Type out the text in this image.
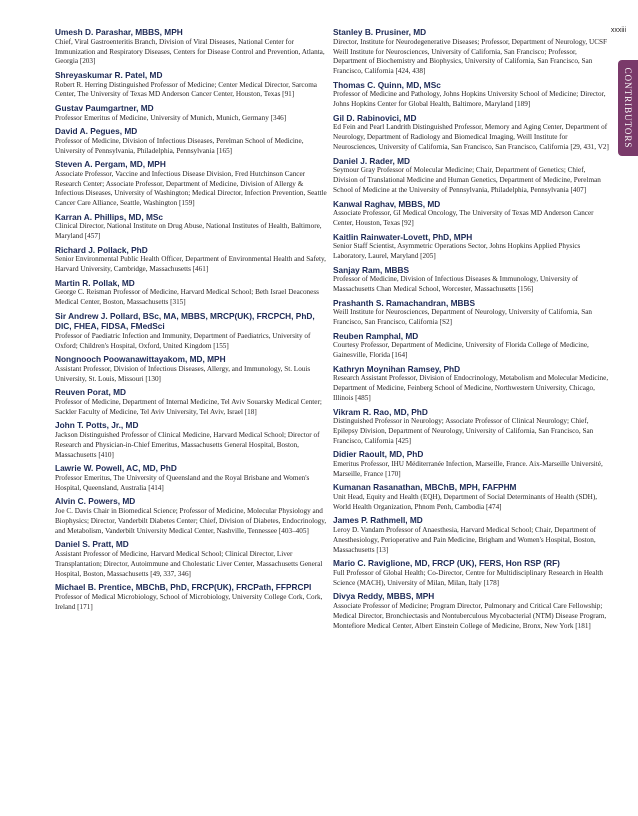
xxxiii
CONTRIBUTORS
Umesh D. Parashar, MBBS, MPH
Chief, Viral Gastroenteritis Branch, Division of Viral Diseases, National Center for Immunization and Respiratory Diseases, Centers for Disease Control and Prevention, Atlanta, Georgia [203]
Shreyaskumar R. Patel, MD
Robert R. Herring Distinguished Professor of Medicine; Center Medical Director, Sarcoma Center, The University of Texas MD Anderson Cancer Center, Houston, Texas [91]
Gustav Paumgartner, MD
Professor Emeritus of Medicine, University of Munich, Munich, Germany [346]
David A. Pegues, MD
Professor of Medicine, Division of Infectious Diseases, Perelman School of Medicine, University of Pennsylvania, Philadelphia, Pennsylvania [165]
Steven A. Pergam, MD, MPH
Associate Professor, Vaccine and Infectious Disease Division, Fred Hutchinson Cancer Research Center; Associate Professor, Department of Medicine, Division of Allergy & Infectious Diseases, University of Washington; Medical Director, Infection Prevention, Seattle Cancer Care Alliance, Seattle, Washington [159]
Karran A. Phillips, MD, MSc
Clinical Director, National Institute on Drug Abuse, National Institutes of Health, Baltimore, Maryland [457]
Richard J. Pollack, PhD
Senior Environmental Public Health Officer, Department of Environmental Health and Safety, Harvard University, Cambridge, Massachusetts [461]
Martin R. Pollak, MD
George C. Reisman Professor of Medicine, Harvard Medical School; Beth Israel Deaconess Medical Center, Boston, Massachusetts [315]
Sir Andrew J. Pollard, BSc, MA, MBBS, MRCP(UK), FRCPCH, PhD, DIC, FHEA, FIDSA, FMedSci
Professor of Paediatric Infection and Immunity, Department of Paediatrics, University of Oxford; Children's Hospital, Oxford, United Kingdom [155]
Nongnooch Poowanawittayakom, MD, MPH
Assistant Professor, Division of Infectious Diseases, Allergy, and Immunology, St. Louis University, St. Louis, Missouri [130]
Reuven Porat, MD
Professor of Medicine, Department of Internal Medicine, Tel Aviv Souarsky Medical Center; Sackler Faculty of Medicine, Tel Aviv University, Tel Aviv, Israel [18]
John T. Potts, Jr., MD
Jackson Distinguished Professor of Clinical Medicine, Harvard Medical School; Director of Research and Physician-in-Chief Emeritus, Massachusetts General Hospital, Boston, Massachusetts [410]
Lawrie W. Powell, AC, MD, PhD
Professor Emeritus, The University of Queensland and the Royal Brisbane and Women's Hospital, Queensland, Australia [414]
Alvin C. Powers, MD
Joe C. Davis Chair in Biomedical Science; Professor of Medicine, Molecular Physiology and Biophysics; Director, Vanderbilt Diabetes Center; Chief, Division of Diabetes, Endocrinology, and Metabolism, Vanderbilt University Medical Center, Nashville, Tennessee [403–405]
Daniel S. Pratt, MD
Assistant Professor of Medicine, Harvard Medical School; Clinical Director, Liver Transplantation; Director, Autoimmune and Cholestatic Liver Center, Massachusetts General Hospital, Boston, Massachusetts [49, 337, 346]
Michael B. Prentice, MBChB, PhD, FRCP(UK), FRCPath, FFPRCPI
Professor of Medical Microbiology, School of Microbiology, University College Cork, Cork, Ireland [171]
Stanley B. Prusiner, MD
Director, Institute for Neurodegenerative Diseases; Professor, Department of Neurology, UCSF Weill Institute for Neurosciences, University of California, San Francisco; Professor, Department of Biochemistry and Biophysics, University of California, San Francisco, San Francisco, California [424, 438]
Thomas C. Quinn, MD, MSc
Professor of Medicine and Pathology, Johns Hopkins University School of Medicine; Director, Johns Hopkins Center for Global Health, Baltimore, Maryland [189]
Gil D. Rabinovici, MD
Ed Fein and Pearl Landrith Distinguished Professor, Memory and Aging Center, Department of Neurology, Department of Radiology and Biomedical Imaging, Weill Institute for Neurosciences, University of California, San Francisco, San Francisco, California [29, 431, V2]
Daniel J. Rader, MD
Seymour Gray Professor of Molecular Medicine; Chair, Department of Genetics; Chief, Division of Translational Medicine and Human Genetics, Department of Medicine, Perelman School of Medicine at the University of Pennsylvania, Philadelphia, Pennsylvania [407]
Kanwal Raghav, MBBS, MD
Associate Professor, GI Medical Oncology, The University of Texas MD Anderson Cancer Center, Houston, Texas [92]
Kaitlin Rainwater-Lovett, PhD, MPH
Senior Staff Scientist, Asymmetric Operations Sector, Johns Hopkins Applied Physics Laboratory, Laurel, Maryland [205]
Sanjay Ram, MBBS
Professor of Medicine, Division of Infectious Diseases & Immunology, University of Massachusetts Chan Medical School, Worcester, Massachusetts [156]
Prashanth S. Ramachandran, MBBS
Weill Institute for Neurosciences, Department of Neurology, University of California, San Francisco, San Francisco, California [S2]
Reuben Ramphal, MD
Courtesy Professor, Department of Medicine, University of Florida College of Medicine, Gainesville, Florida [164]
Kathryn Moynihan Ramsey, PhD
Research Assistant Professor, Division of Endocrinology, Metabolism and Molecular Medicine, Department of Medicine, Feinberg School of Medicine, Northwestern University, Chicago, Illinois [485]
Vikram R. Rao, MD, PhD
Distinguished Professor in Neurology; Associate Professor of Clinical Neurology; Chief, Epilepsy Division, Department of Neurology, University of California, San Francisco, San Francisco, California [425]
Didier Raoult, MD, PhD
Emeritus Professor, IHU Méditerranée Infection, Marseille, France. Aix-Marseille Université, Marseille, France [170]
Kumanan Rasanathan, MBChB, MPH, FAFPHM
Unit Head, Equity and Health (EQH), Department of Social Determinants of Health (SDH), World Health Organization, Phnom Penh, Cambodia [474]
James P. Rathmell, MD
Leroy D. Vandam Professor of Anaesthesia, Harvard Medical School; Chair, Department of Anesthesiology, Perioperative and Pain Medicine, Brigham and Women's Hospital, Boston, Massachusetts [13]
Mario C. Raviglione, MD, FRCP (UK), FERS, Hon RSP (RF)
Full Professor of Global Health; Co-Director, Centre for Multidisciplinary Research in Health Science (MACH), University of Milan, Milan, Italy [178]
Divya Reddy, MBBS, MPH
Associate Professor of Medicine; Program Director, Pulmonary and Critical Care Fellowship; Medical Director, Bronchiectasis and Nontuberculous Mycobacterial (NTM) Disease Program, Montefiore Medical Center, Albert Einstein College of Medicine, Bronx, New York [181]
